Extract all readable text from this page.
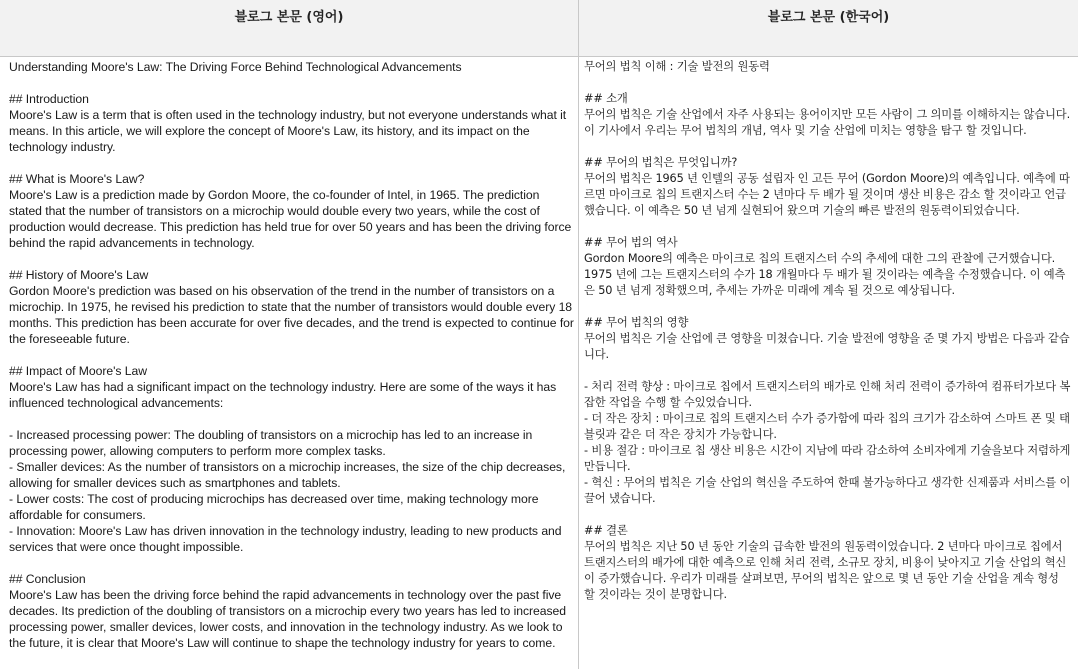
블로그 본문 (영어)	블로그 본문 (한국어)
Understanding Moore's Law: The Driving Force Behind Technological Advancements

## Introduction
Moore's Law is a term that is often used in the technology industry, but not everyone understands what it means. In this article, we will explore the concept of Moore's Law, its history, and its impact on the technology industry.

## What is Moore's Law?
Moore's Law is a prediction made by Gordon Moore, the co-founder of Intel, in 1965. The prediction stated that the number of transistors on a microchip would double every two years, while the cost of production would decrease. This prediction has held true for over 50 years and has been the driving force behind the rapid advancements in technology.

## History of Moore's Law
Gordon Moore's prediction was based on his observation of the trend in the number of transistors on a microchip. In 1975, he revised his prediction to state that the number of transistors would double every 18 months. This prediction has been accurate for over five decades, and the trend is expected to continue for the foreseeable future.

## Impact of Moore's Law
Moore's Law has had a significant impact on the technology industry. Here are some of the ways it has influenced technological advancements:

- Increased processing power: The doubling of transistors on a microchip has led to an increase in processing power, allowing computers to perform more complex tasks.
- Smaller devices: As the number of transistors on a microchip increases, the size of the chip decreases, allowing for smaller devices such as smartphones and tablets.
- Lower costs: The cost of producing microchips has decreased over time, making technology more affordable for consumers.
- Innovation: Moore's Law has driven innovation in the technology industry, leading to new products and services that were once thought impossible.

## Conclusion
Moore's Law has been the driving force behind the rapid advancements in technology over the past five decades. Its prediction of the doubling of transistors on a microchip every two years has led to increased processing power, smaller devices, lower costs, and innovation in the technology industry. As we look to the future, it is clear that Moore's Law will continue to shape the technology industry for years to come.
무어의 법칙 이해 : 기술 발전의 원동력

## 소개
무어의 법칙은 기술 산업에서 자주 사용되는 용어이지만 모든 사람이 그 의미를 이해하지는 않습니다. 이 기사에서 우리는 무어 법칙의 개념, 역사 및 기술 산업에 미치는 영향을 탐구 할 것입니다.

## 무어의 법칙은 무엇입니까?
무어의 법칙은 1965 년 인텔의 공동 설립자 인 고든 무어 (Gordon Moore)의 예측입니다. 예측에 따르면 마이크로 칩의 트랜지스터 수는 2 년마다 두 배가 될 것이며 생산 비용은 감소 할 것이라고 언급했습니다. 이 예측은 50 년 넘게 실현되어 왔으며 기술의 빠른 발전의 원동력이되었습니다.

## 무어 법의 역사
Gordon Moore의 예측은 마이크로 칩의 트랜지스터 수의 추세에 대한 그의 관찰에 근거했습니다. 1975 년에 그는 트랜지스터의 수가 18 개월마다 두 배가 될 것이라는 예측을 수정했습니다. 이 예측은 50 년 넘게 정확했으며, 추세는 가까운 미래에 계속 될 것으로 예상됩니다.

## 무어 법칙의 영향
무어의 법칙은 기술 산업에 큰 영향을 미쳤습니다. 기술 발전에 영향을 준 몇 가지 방법은 다음과 같습니다.

- 처리 전력 향상 : 마이크로 칩에서 트랜지스터의 배가로 인해 처리 전력이 증가하여 컴퓨터가보다 복잡한 작업을 수행 할 수있었습니다.
- 더 작은 장치 : 마이크로 칩의 트랜지스터 수가 증가함에 따라 칩의 크기가 감소하여 스마트 폰 및 태블릿과 같은 더 작은 장치가 가능합니다.
- 비용 절감 : 마이크로 칩 생산 비용은 시간이 지남에 따라 감소하여 소비자에게 기술을보다 저렴하게 만듭니다.
- 혁신 : 무어의 법칙은 기술 산업의 혁신을 주도하여 한때 불가능하다고 생각한 신제품과 서비스를 이끌어 냈습니다.

## 결론
무어의 법칙은 지난 50 년 동안 기술의 급속한 발전의 원동력이었습니다. 2 년마다 마이크로 칩에서 트랜지스터의 배가에 대한 예측으로 인해 처리 전력, 소규모 장치, 비용이 낮아지고 기술 산업의 혁신이 증가했습니다. 우리가 미래를 살펴보면, 무어의 법칙은 앞으로 몇 년 동안 기술 산업을 계속 형성 할 것이라는 것이 분명합니다.
